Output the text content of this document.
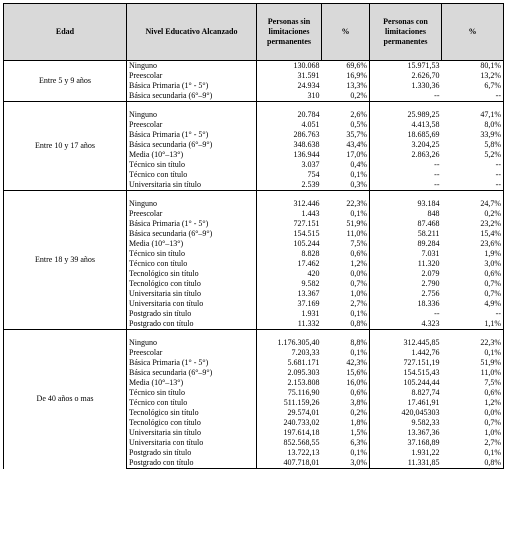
Edad	Nivel Educativo Alcanzado	Personas sin limitaciones permanentes	%	Personas con limitaciones permanentes	%
Entre 5 y 9 años	Ninguno	130.068	69,6%	15.971,53	80,1%
	Preescolar	31.591	16,9%	2.626,70	13,2%
	Básica Primaria (1° - 5°)	24.934	13,3%	1.330,36	6,7%
	Básica secundaria (6°–9°)	310	0,2%	--	--
Entre 10 y 17 años					
	Ninguno	20.784	2,6%	25.989,25	47,1%
	Preescolar	4.051	0,5%	4.413,58	8,0%
	Básica Primaria (1° - 5°)	286.763	35,7%	18.685,69	33,9%
	Básica secundaria (6°–9°)	348.638	43,4%	3.204,25	5,8%
	Media (10°–13°)	136.944	17,0%	2.863,26	5,2%
	Técnico sin título	3.037	0,4%	--	--
	Técnico con título	754	0,1%	--	--
	Universitaria sin título	2.539	0,3%	--	--
Entre 18 y 39 años					
	Ninguno	312.446	22,3%	93.184	24,7%
	Preescolar	1.443	0,1%	848	0,2%
	Básica Primaria (1° - 5°)	727.151	51,9%	87.468	23,2%
	Básica secundaria (6°–9°)	154.515	11,0%	58.211	15,4%
	Media (10°–13°)	105.244	7,5%	89.284	23,6%
	Técnico sin título	8.828	0,6%	7.031	1,9%
	Técnico con título	17.462	1,2%	11.320	3,0%
	Tecnológico sin título	420	0,0%	2.079	0,6%
	Tecnológico con título	9.582	0,7%	2.790	0,7%
	Universitaria sin título	13.367	1,0%	2.756	0,7%
	Universitaria con título	37.169	2,7%	18.336	4,9%
	Postgrado sin título	1.931	0,1%	--	--
	Postgrado con título	11.332	0,8%	4.323	1,1%
De 40 años o mas					
	Ninguno	1.176.305,40	8,8%	312.445,85	22,3%
	Preescolar	7.203,33	0,1%	1.442,76	0,1%
	Básica Primaria (1° - 5°)	5.681.171	42,3%	727.151,19	51,9%
	Básica secundaria (6°–9°)	2.095.303	15,6%	154.515,43	11,0%
	Media (10°–13°)	2.153.808	16,0%	105.244,44	7,5%
	Técnico sin título	75.116,90	0,6%	8.827,74	0,6%
	Técnico con título	511.159,26	3,8%	17.461,91	1,2%
	Tecnológico sin título	29.574,01	0,2%	420,045303	0,0%
	Tecnológico con título	240.733,02	1,8%	9.582,33	0,7%
	Universitaria sin título	197.614,18	1,5%	13.367,36	1,0%
	Universitaria con título	852.568,55	6,3%	37.168,89	2,7%
	Postgrado sin título	13.722,13	0,1%	1.931,22	0,1%
	Postgrado con título	407.718,01	3,0%	11.331,85	0,8%
